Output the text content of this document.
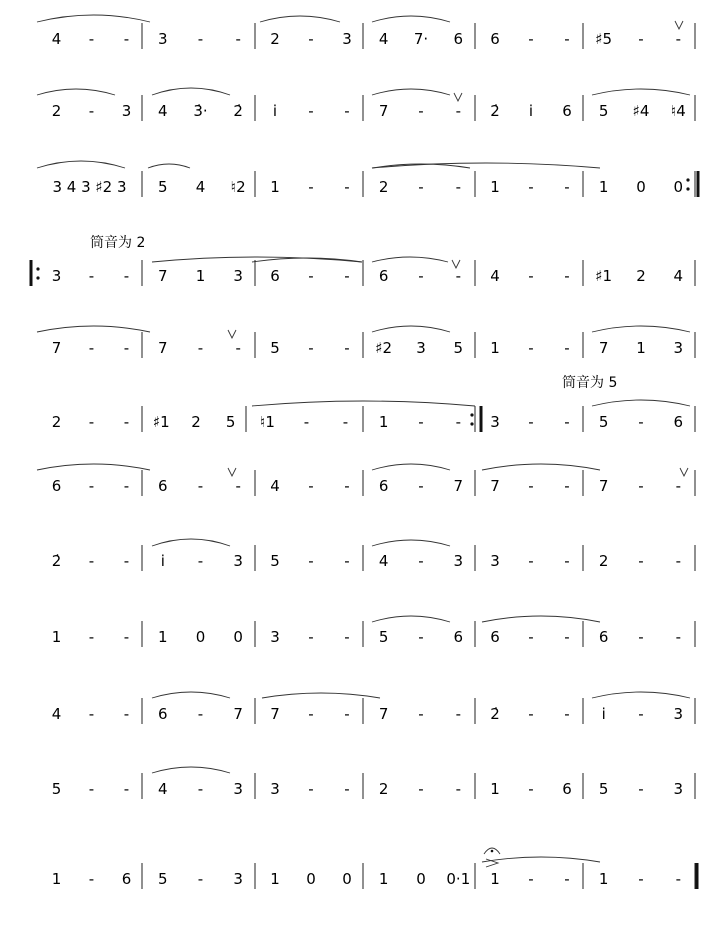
4 - - 3 - - 2 - 3 4 7· 6 6 - - ♯5 - -
2 - 3 4 3̇· 2̇ i - - 7 - - 2̇ i 6 5 ♯4 ♮4
3 4 3 ♯2 3 5 4 ♮2 1 - - 2 - - 1 - - 1 0 0
3 - - 7 1 3 6 - - 6 - - 4 - - ♯1 2 4
7 - - 7 - - 5 - - ♯2 3 5 1 - - 7 1 3
2 - - ♯1 2 5 ♮1 - - 1 - - 3 - - 5 - 6
6 - - 6 - - 4 - - 6 - 7 7 - - 7 - -
2̇ - - i - 3 5 - - 4 - 3 3 - - 2 - -
1 - - 1 0 0 3 - - 5 - 6 6 - - 6 - -
4 - - 6 - 7 7 - - 7 - - 2̇ - - i - 3
5 - - 4 - 3 3 - - 2 - - 1 - 6 5 - 3
1 - 6 5 - 3 1 0 0 1 0 0·1 1 - - 1 - -
筒音为 2
筒音为 5
